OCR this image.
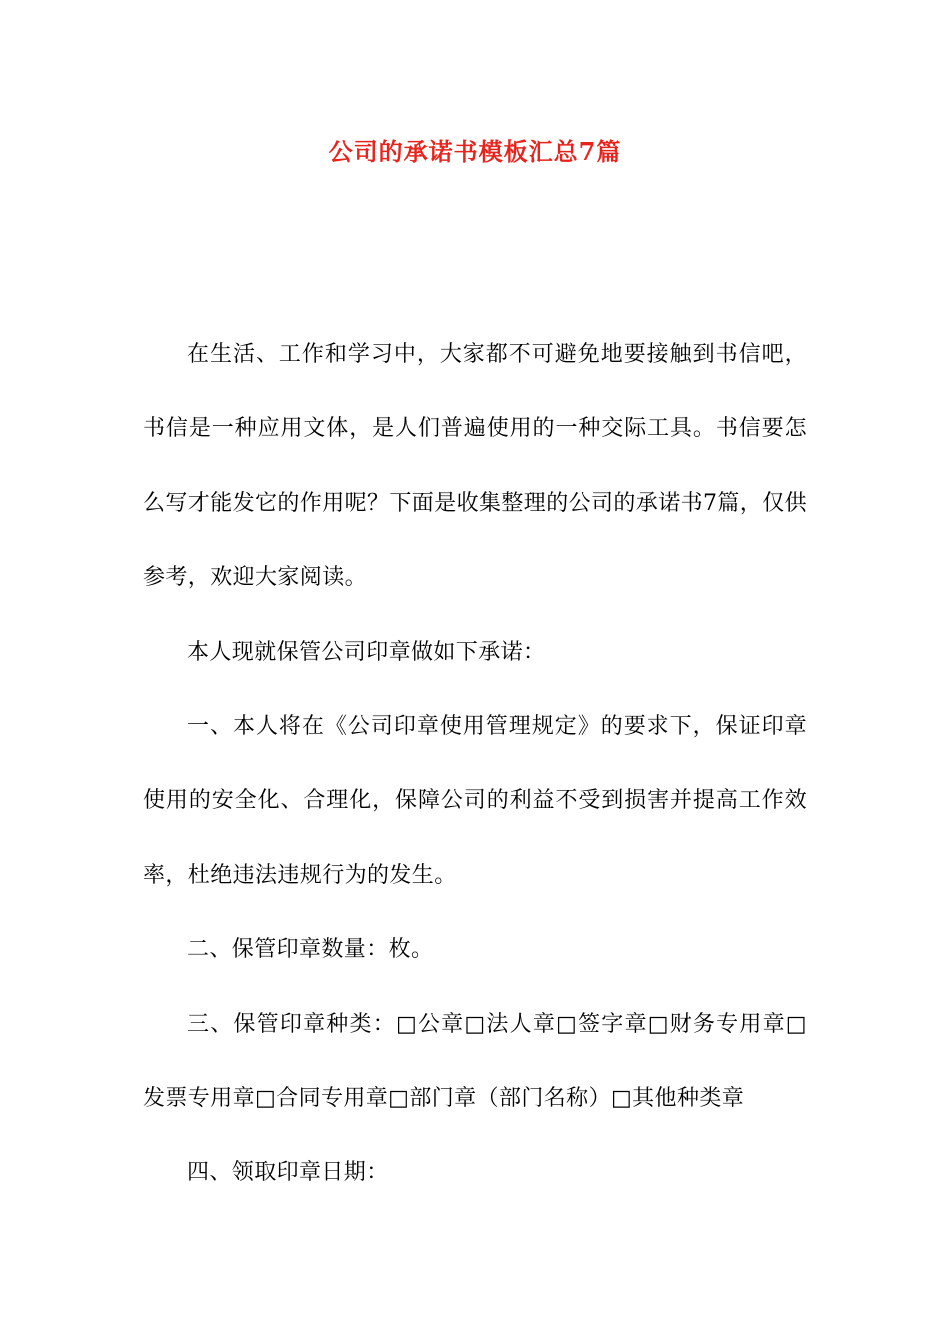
公司的承诺书模板汇总7篇

在生活、工作和学习中，大家都不可避免地要接触到书信吧，书信是一种应用文体，是人们普遍使用的一种交际工具。书信要怎么写才能发它的作用呢？下面是收集整理的公司的承诺书7篇，仅供参考，欢迎大家阅读。

本人现就保管公司印章做如下承诺：

一、本人将在《公司印章使用管理规定》的要求下，保证印章使用的安全化、合理化，保障公司的利益不受到损害并提高工作效率，杜绝违法违规行为的发生。

二、保管印章数量：枚。

三、保管印章种类：□公章□法人章□签字章□财务专用章□发票专用章□合同专用章□部门章（部门名称）□其他种类章

四、领取印章日期：
